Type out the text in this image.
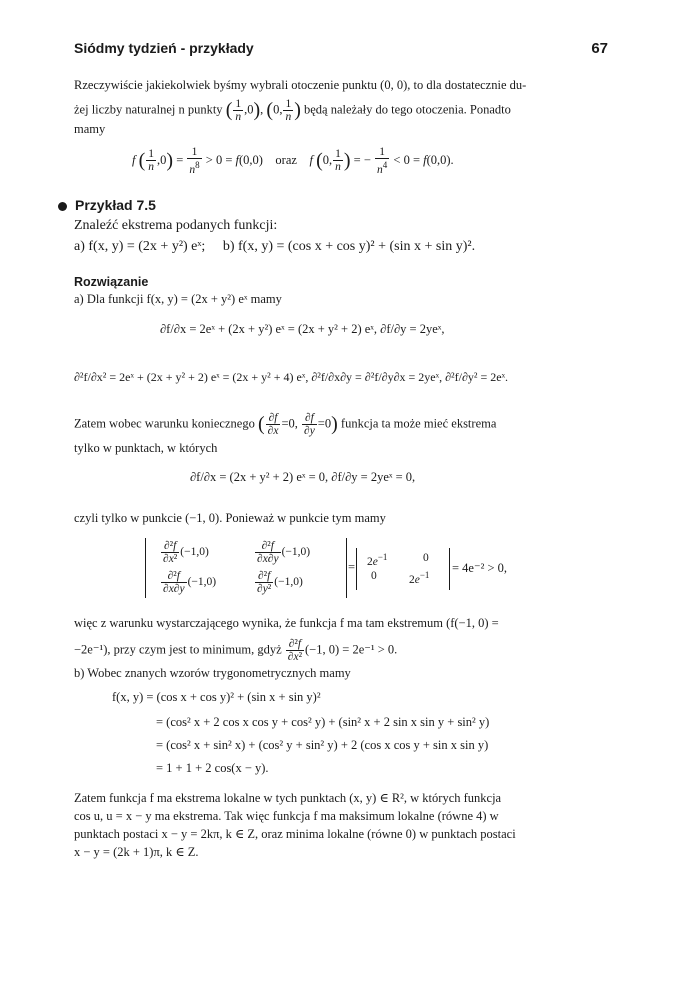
Siódmy tydzień - przykłady	67
Rzeczywiście jakiekolwiek byśmy wybrali otoczenie punktu (0, 0), to dla dostatecznie du-
żej liczby naturalnej n punkty ( $\frac{1}{n} ,0$), (0, $\frac{1}{n}$ ) będą należały do tego otoczenia. Ponadto
mamy
f ( $\frac{1}{n} ,0) = \frac{1}{n^8} > 0 = f(0,0)$    oraz    f (0, $\frac{1}{n}$ ) = − $\frac{1}{n^4} < 0 = f(0,0)$.
Przykład 7.5
Znaleźć ekstrema podanych funkcji:
a) f(x, y) = (2x + y²) eˣ; b) f(x, y) = (cos x + cos y)² + (sin x + sin y)².
Rozwiązanie
a) Dla funkcji f(x, y) = (2x + y²) eˣ mamy
∂f/∂x = 2eˣ + (2x + y²) eˣ = (2x + y² + 2) eˣ, ∂f/∂y = 2yeˣ,
∂²f/∂x² = 2eˣ + (2x + y² + 2) eˣ = (2x + y² + 4) eˣ, ∂²f/∂x∂y = ∂²f/∂y∂x = 2yeˣ, ∂²f/∂y² = 2eˣ.
Zatem wobec warunku koniecznego ( $\frac{\partial f}{\partial x} =0$, $\frac{\partial f}{\partial y} =0$) funkcja ta może mieć ekstrema
tylko w punktach, w których
∂f/∂x = (2x + y² + 2) eˣ = 0, ∂f/∂y = 2yeˣ = 0,
czyli tylko w punkcie (−1, 0). Ponieważ w punkcie tym mamy
$\frac{\text{∂²f}}{\text{∂x²}} (-1,0)$	$\frac{\text{∂²f}}{\partial x\partial y} (-1,0)$
$\frac{\text{∂²f}}{\partial x\partial y} (-1,0)$	$\frac{\text{∂²f}}{\text{∂y²}} (-1,0)$
= $2e^{-1}$	0
0	$2e^{-1} = 4e^{-2} > 0$,
więc z warunku wystarczającego wynika, że funkcja f ma tam ekstremum (f(−1, 0) =
−2e⁻¹), przy czym jest to minimum, gdyż $\frac{\text{∂²f}}{\text{∂x²}} (-1$, 0) = 2e⁻¹ > 0.
b) Wobec znanych wzorów trygonometrycznych mamy
f(x, y) = (cos x + cos y)² + (sin x + sin y)²
= (cos² x + 2 cos x cos y + cos² y) + (sin² x + 2 sin x sin y + sin² y)
= (cos² x + sin² x) + (cos² y + sin² y) + 2 (cos x cos y + sin x sin y)
= 1 + 1 + 2 cos(x − y).
Zatem funkcja f ma ekstrema lokalne w tych punktach (x, y) ∈ R², w których funkcja
cos u, u = x − y ma ekstrema. Tak więc funkcja f ma maksimum lokalne (równe 4) w
punktach postaci x − y = 2kπ, k ∈ Z, oraz minima lokalne (równe 0) w punktach postaci
x − y = (2k + 1)π, k ∈ Z.
